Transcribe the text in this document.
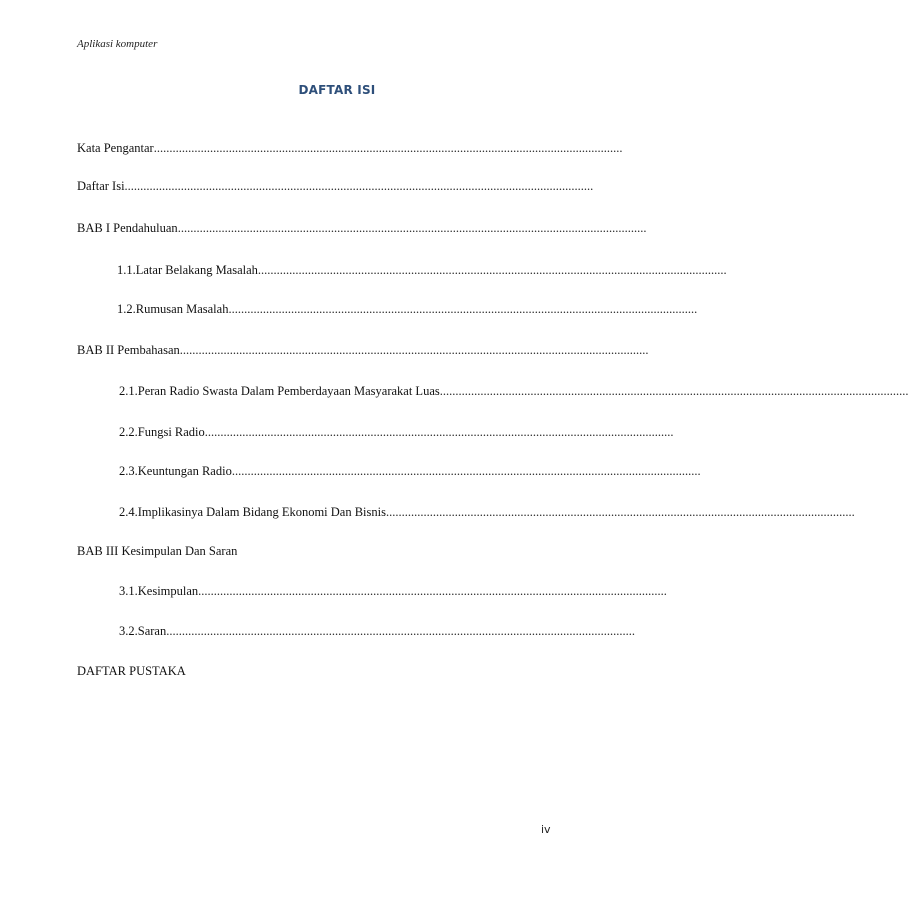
Aplikasi komputer
DAFTAR ISI
Kata Pengantar ......................................................................................................................................................
Daftar Isi ......................................................................................................................................................
BAB I Pendahuluan ......................................................................................................................................................
1.1.Latar Belakang Masalah ......................................................................................................................................................
1.2.Rumusan Masalah ......................................................................................................................................................
BAB II Pembahasan ......................................................................................................................................................
2.1.Peran Radio Swasta Dalam Pemberdayaan Masyarakat Luas ......................................................................................................................................................
2.2.Fungsi Radio ......................................................................................................................................................
2.3.Keuntungan Radio ......................................................................................................................................................
2.4.Implikasinya Dalam Bidang Ekonomi Dan Bisnis ......................................................................................................................................................
BAB III Kesimpulan Dan Saran
3.1.Kesimpulan ......................................................................................................................................................
3.2.Saran ......................................................................................................................................................
DAFTAR PUSTAKA
iv
